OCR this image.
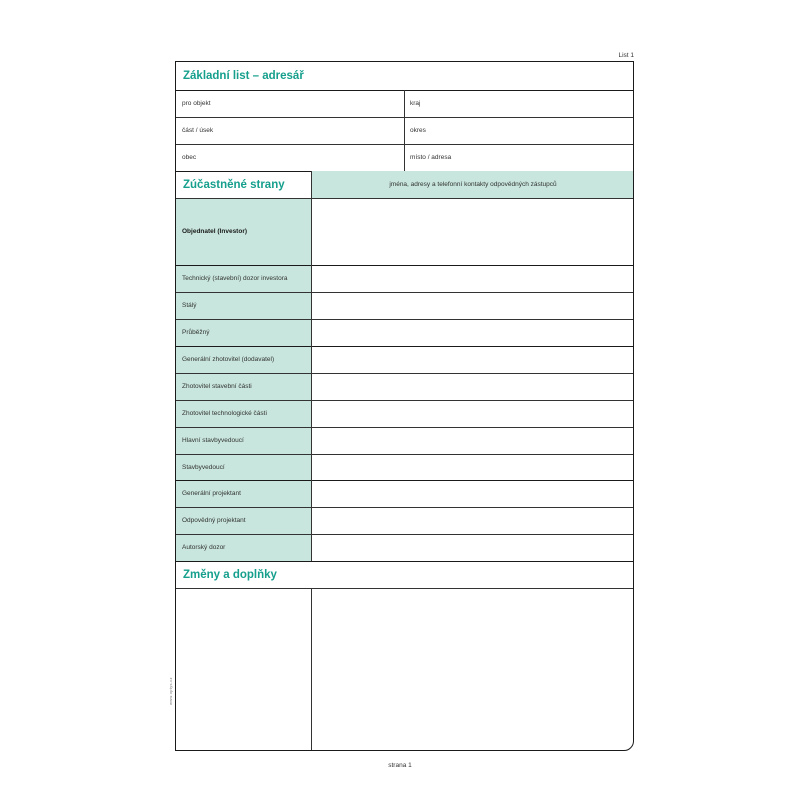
List 1
Základní list – adresář
pro objekt	kraj
část / úsek	okres
obec	místo / adresa
Zúčastněné strany	jména, adresy a telefonní kontakty odpovědných zástupců
Objednatel (Investor)
Technický (stavební) dozor investora
Stálý
Průběžný
Generální zhotovitel (dodavatel)
Zhotovitel stavební části
Zhotovitel technologické části
Hlavní stavbyvedoucí
Stavbyvedoucí
Generální projektant
Odpovědný projektant
Autorský dozor
Změny a doplňky
www.optys.cz
strana 1
